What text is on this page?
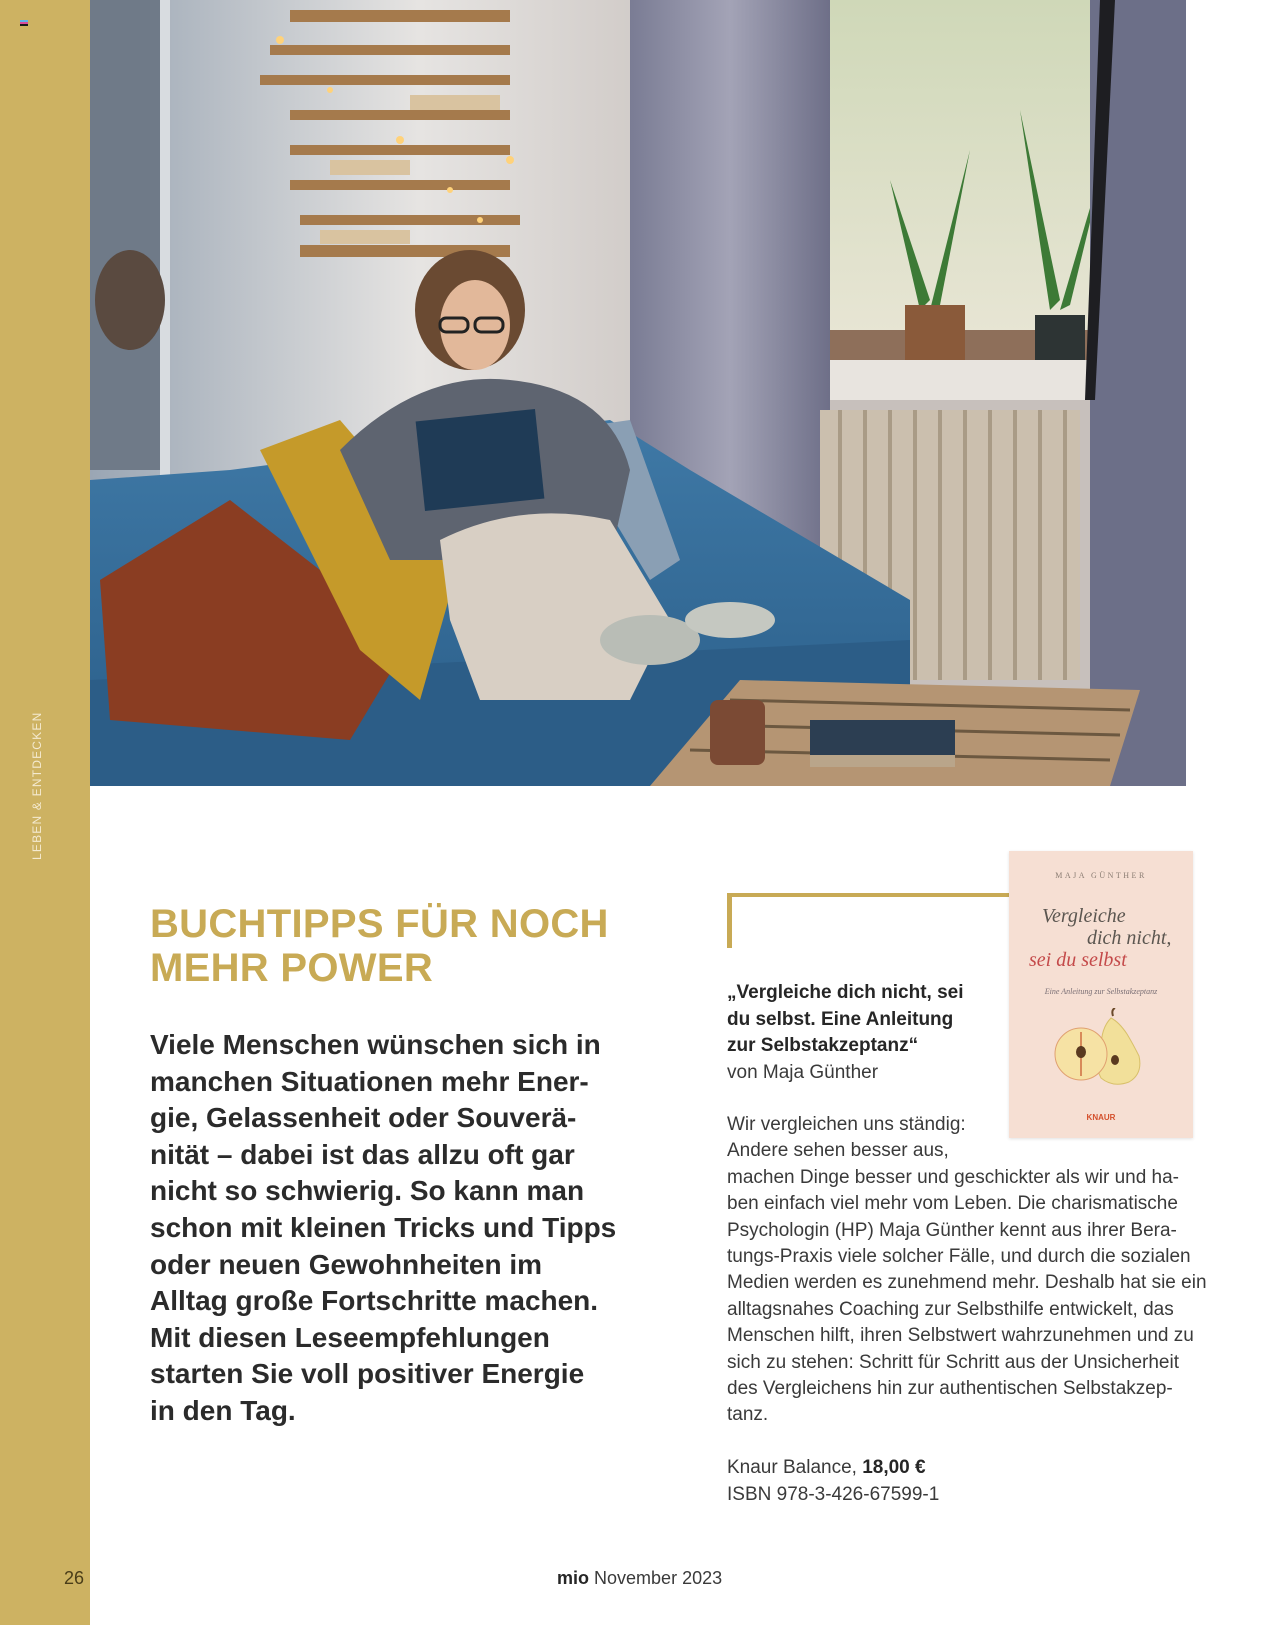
LEBEN & ENTDECKEN
26
BUCHTIPPS FÜR NOCH
MEHR POWER
Viele Menschen wünschen sich in
manchen Situationen mehr Ener-
gie, Gelassenheit oder Souverä-
nität – dabei ist das allzu oft gar
nicht so schwierig. So kann man
schon mit kleinen Tricks und Tipps
oder neuen Gewohnheiten im
Alltag große Fortschritte machen.
Mit diesen Leseempfehlungen
starten Sie voll positiver Energie
in den Tag.
MAJA GÜNTHER
Vergleiche
dich nicht,
sei du selbst
Eine Anleitung zur Selbstakzeptanz
KNAUR
„Vergleiche dich nicht, sei
du selbst. Eine Anleitung
zur Selbstakzeptanz“
von Maja Günther
Wir vergleichen uns ständig:
Andere sehen besser aus,
machen Dinge besser und geschickter als wir und ha-
ben einfach viel mehr vom Leben. Die charismatische
Psychologin (HP) Maja Günther kennt aus ihrer Bera-
tungs-Praxis viele solcher Fälle, und durch die sozialen
Medien werden es zunehmend mehr. Deshalb hat sie ein
alltagsnahes Coaching zur Selbsthilfe entwickelt, das
Menschen hilft, ihren Selbstwert wahrzunehmen und zu
sich zu stehen: Schritt für Schritt aus der Unsicherheit
des Vergleichens hin zur authentischen Selbstakzep-
tanz.
Knaur Balance, 18,00 €
ISBN 978-3-426-67599-1
mio November 2023
